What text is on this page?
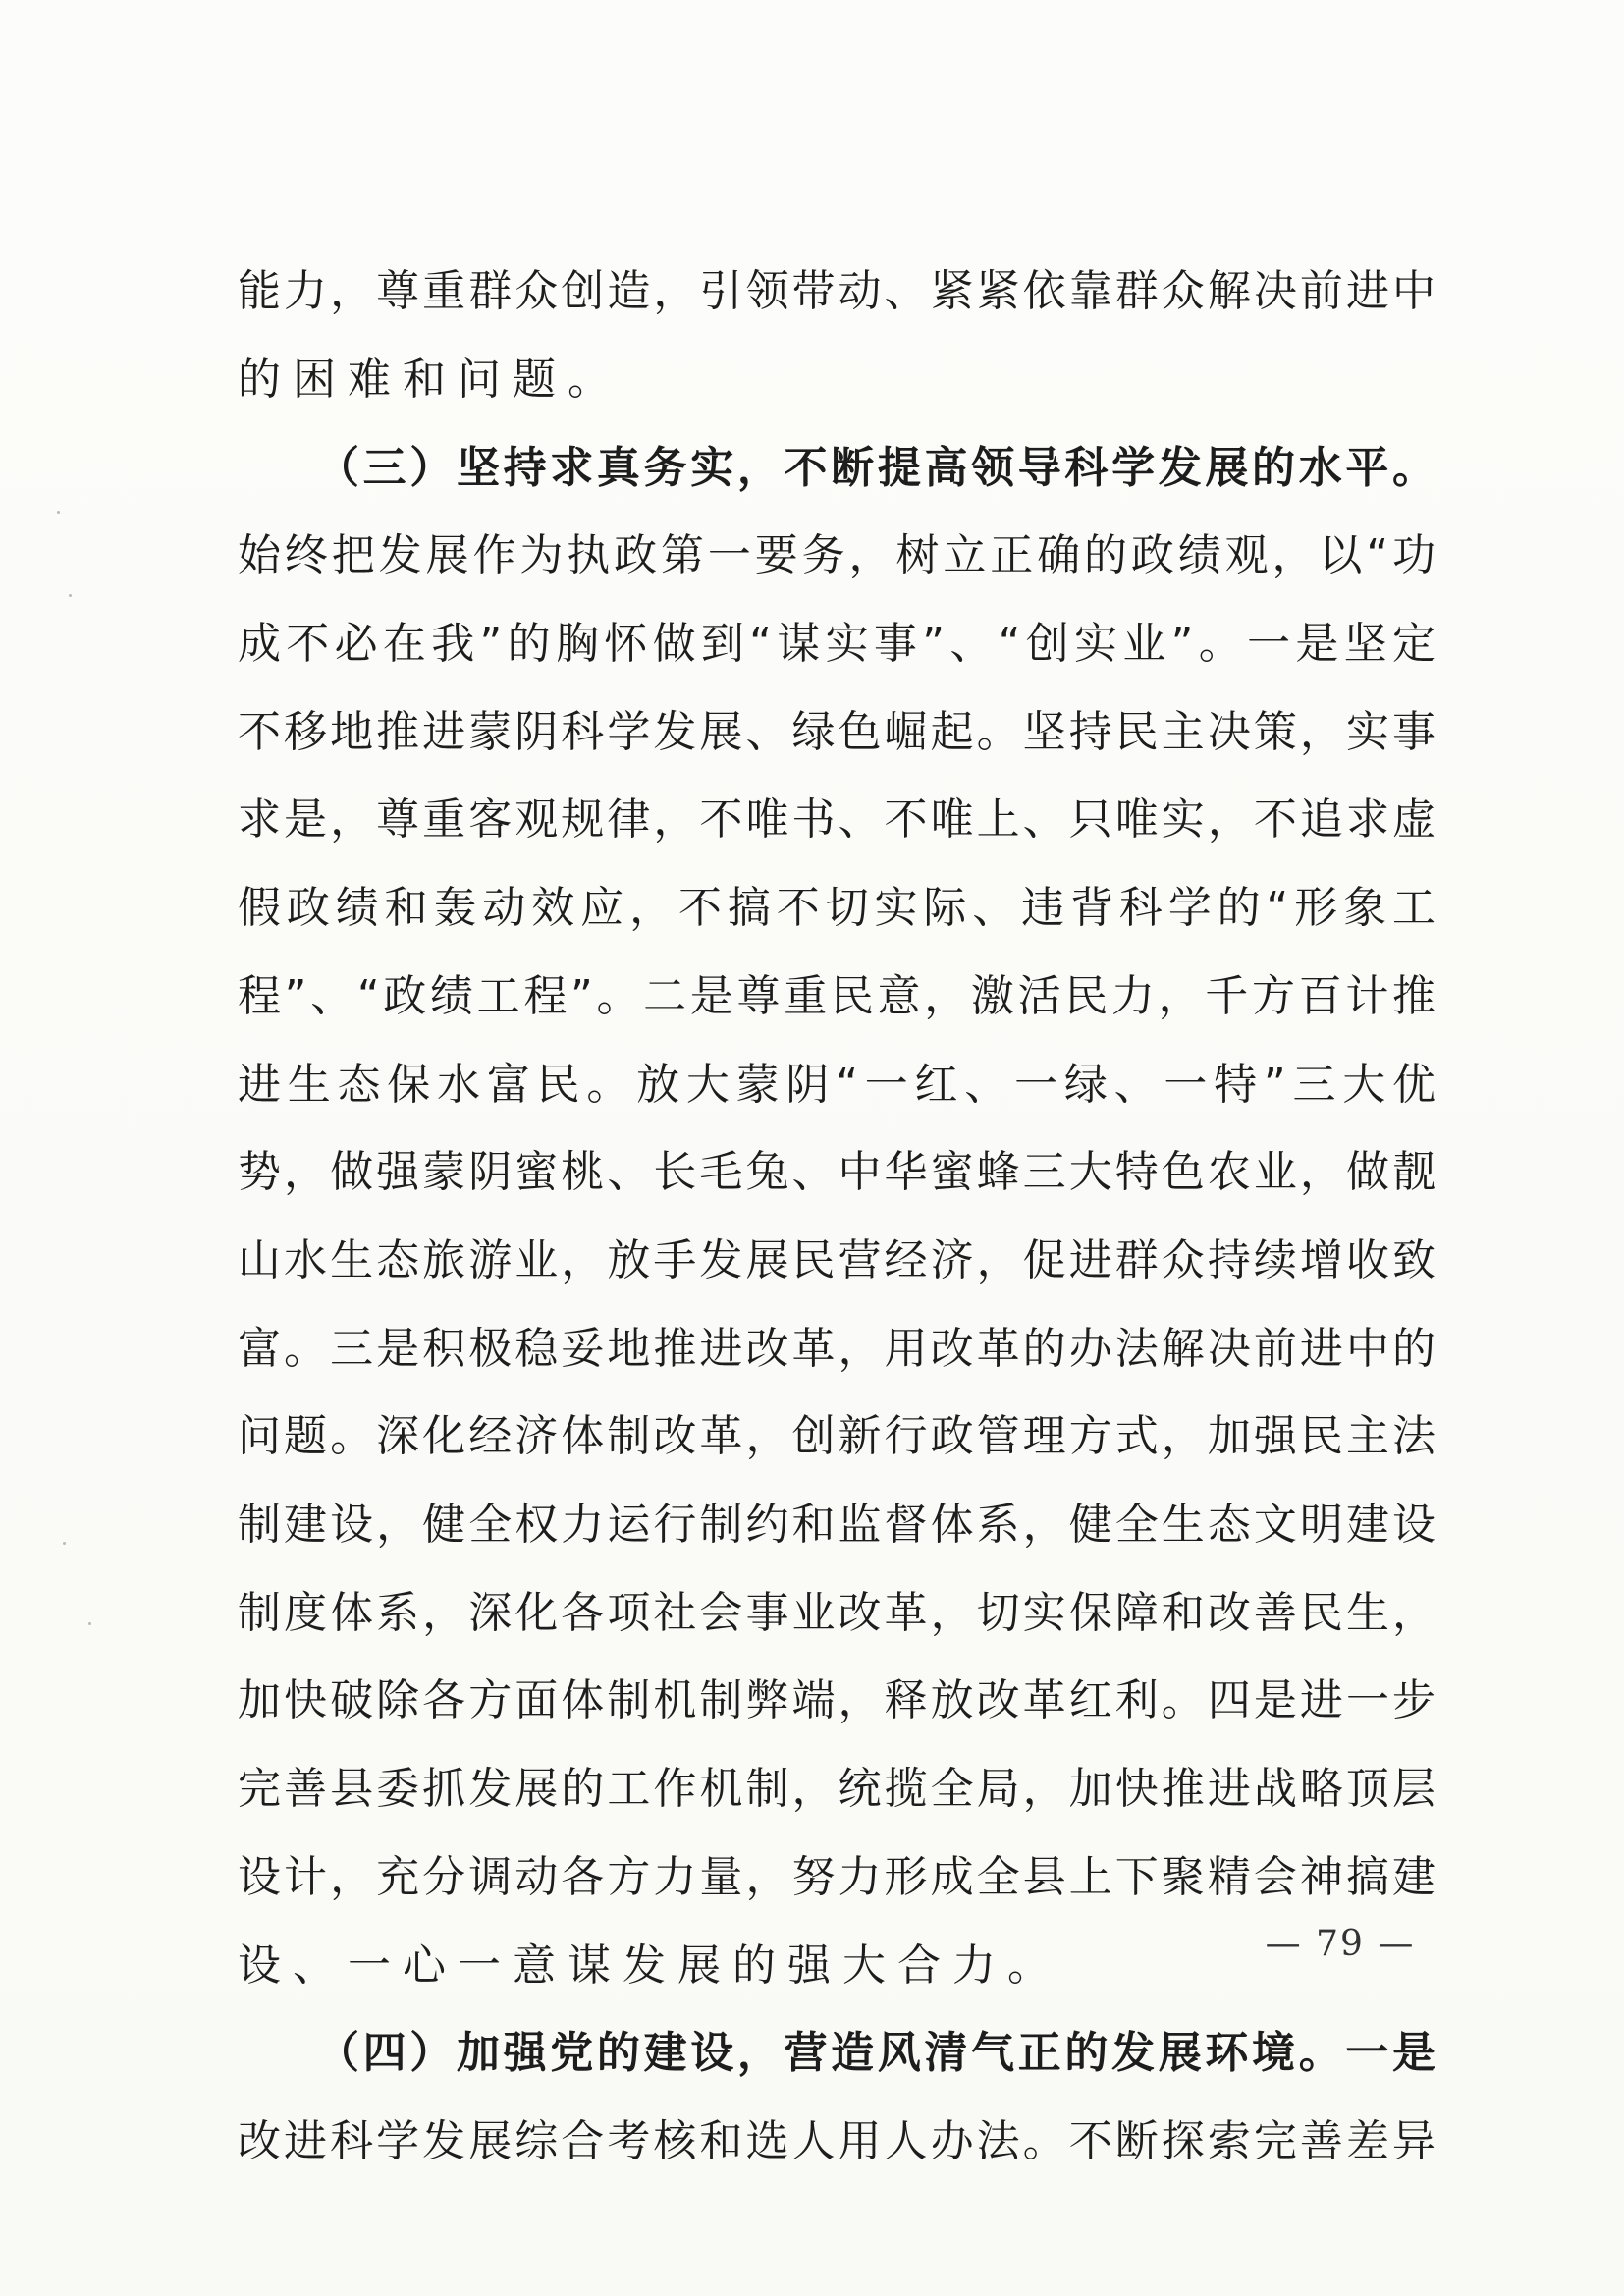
能力，尊重群众创造，引领带动、紧紧依靠群众解决前进中
的困难和问题。
（三）坚持求真务实，不断提高领导科学发展的水平。
始终把发展作为执政第一要务，树立正确的政绩观，以“功
成不必在我”的胸怀做到“谋实事”、“创实业”。一是坚定
不移地推进蒙阴科学发展、绿色崛起。坚持民主决策，实事
求是，尊重客观规律，不唯书、不唯上、只唯实，不追求虚
假政绩和轰动效应，不搞不切实际、违背科学的“形象工
程”、“政绩工程”。二是尊重民意，激活民力，千方百计推
进生态保水富民。放大蒙阴“一红、一绿、一特”三大优
势，做强蒙阴蜜桃、长毛兔、中华蜜蜂三大特色农业，做靓
山水生态旅游业，放手发展民营经济，促进群众持续增收致
富。三是积极稳妥地推进改革，用改革的办法解决前进中的
问题。深化经济体制改革，创新行政管理方式，加强民主法
制建设，健全权力运行制约和监督体系，健全生态文明建设
制度体系，深化各项社会事业改革，切实保障和改善民生，
加快破除各方面体制机制弊端，释放改革红利。四是进一步
完善县委抓发展的工作机制，统揽全局，加快推进战略顶层
设计，充分调动各方力量，努力形成全县上下聚精会神搞建
设、一心一意谋发展的强大合力。
（四）加强党的建设，营造风清气正的发展环境。一是
改进科学发展综合考核和选人用人办法。不断探索完善差异
— 79 —
